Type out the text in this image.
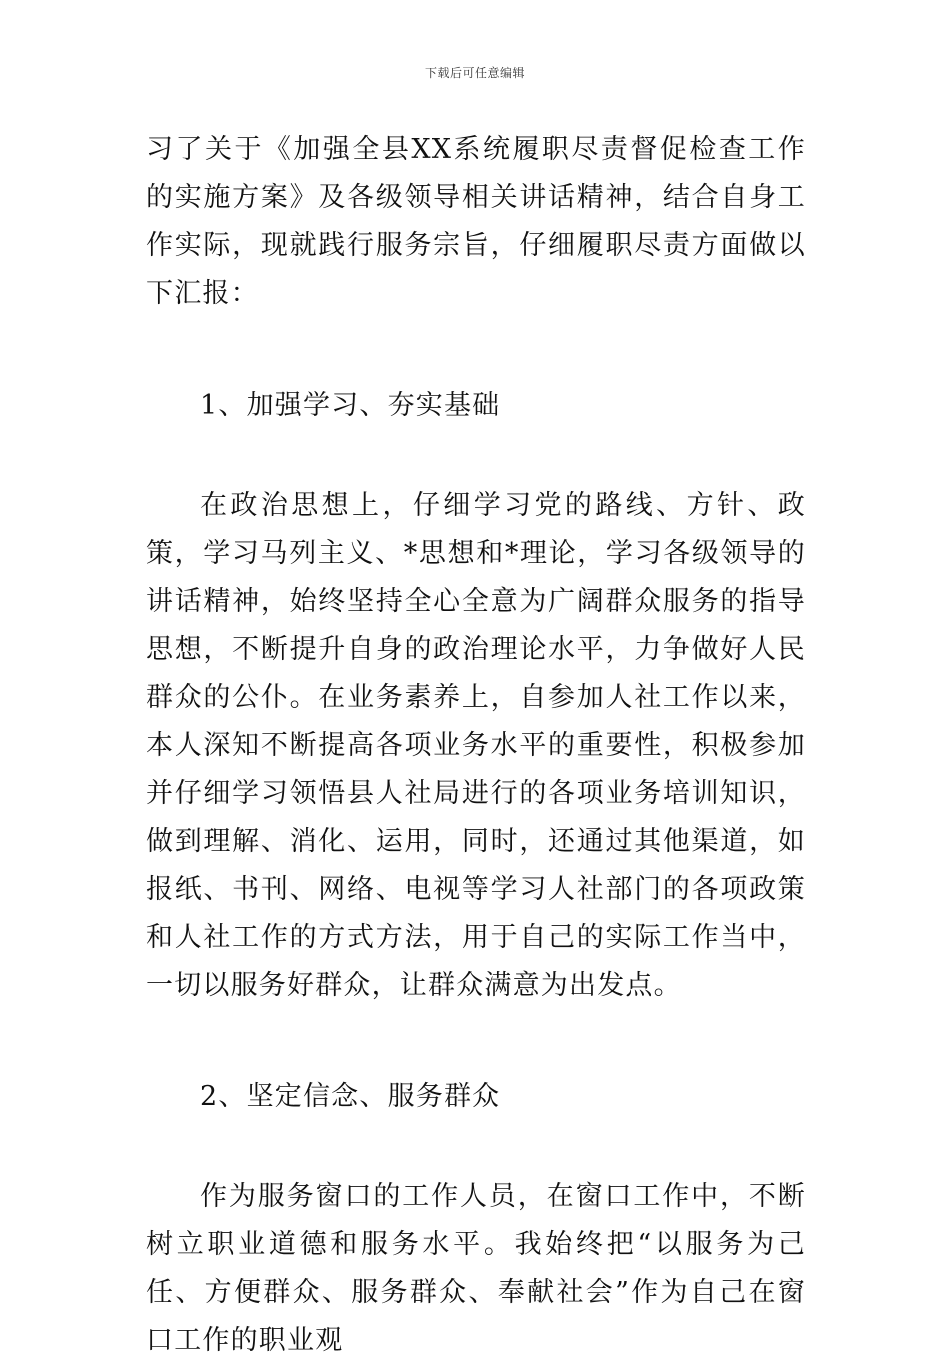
下载后可任意编辑

习了关于《加强全县XX系统履职尽责督促检查工作的实施方案》及各级领导相关讲话精神，结合自身工作实际，现就践行服务宗旨，仔细履职尽责方面做以下汇报：

1、加强学习、夯实基础

在政治思想上，仔细学习党的路线、方针、政策，学习马列主义、*思想和*理论，学习各级领导的讲话精神，始终坚持全心全意为广阔群众服务的指导思想，不断提升自身的政治理论水平，力争做好人民群众的公仆。在业务素养上，自参加人社工作以来，本人深知不断提高各项业务水平的重要性，积极参加并仔细学习领悟县人社局进行的各项业务培训知识，做到理解、消化、运用，同时，还通过其他渠道，如报纸、书刊、网络、电视等学习人社部门的各项政策和人社工作的方式方法，用于自己的实际工作当中，一切以服务好群众，让群众满意为出发点。

2、坚定信念、服务群众

作为服务窗口的工作人员，在窗口工作中，不断树立职业道德和服务水平。我始终把“以服务为己任、方便群众、服务群众、奉献社会”作为自己在窗口工作的职业观
